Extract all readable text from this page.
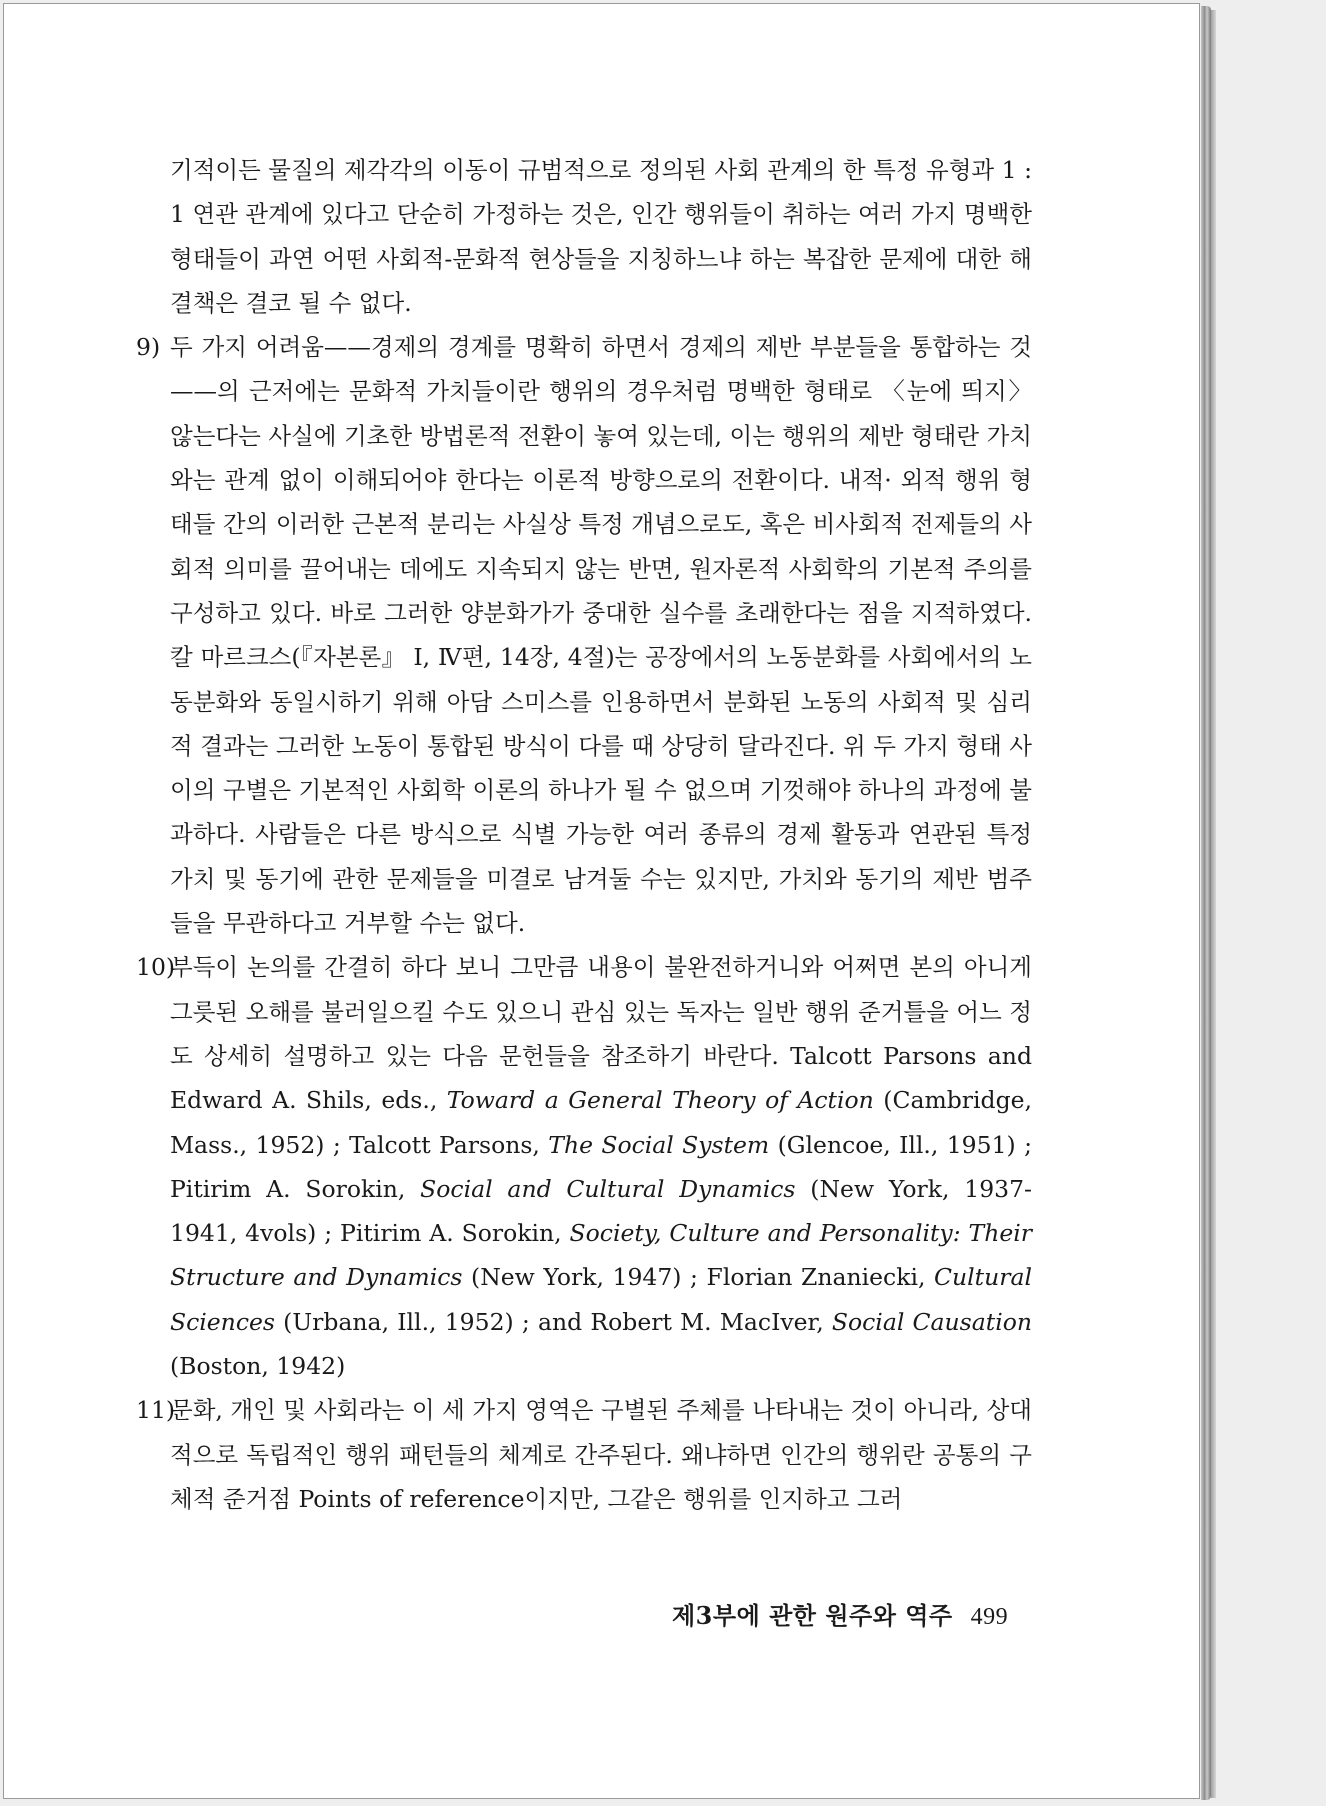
기적이든 물질의 제각각의 이동이 규범적으로 정의된 사회 관계의 한 특정 유형과 1 : 1 연관 관계에 있다고 단순히 가정하는 것은, 인간 행위들이 취하는 여러 가지 명백한 형태들이 과연 어떤 사회적-문화적 현상들을 지칭하느냐 하는 복잡한 문제에 대한 해결책은 결코 될 수 없다.

9) 두 가지 어려움——경제의 경계를 명확히 하면서 경제의 제반 부분들을 통합하는 것——의 근저에는 문화적 가치들이란 행위의 경우처럼 명백한 형태로 〈눈에 띄지〉 않는다는 사실에 기초한 방법론적 전환이 놓여 있는데, 이는 행위의 제반 형태란 가치와는 관계 없이 이해되어야 한다는 이론적 방향으로의 전환이다. 내적· 외적 행위 형태들 간의 이러한 근본적 분리는 사실상 특정 개념으로도, 혹은 비사회적 전제들의 사회적 의미를 끌어내는 데에도 지속되지 않는 반면, 원자론적 사회학의 기본적 주의를 구성하고 있다. 바로 그러한 양분화가가 중대한 실수를 초래한다는 점을 지적하였다. 칼 마르크스(『자본론』 I, Ⅳ편, 14장, 4절)는 공장에서의 노동분화를 사회에서의 노동분화와 동일시하기 위해 아담 스미스를 인용하면서 분화된 노동의 사회적 및 심리적 결과는 그러한 노동이 통합된 방식이 다를 때 상당히 달라진다. 위 두 가지 형태 사이의 구별은 기본적인 사회학 이론의 하나가 될 수 없으며 기껏해야 하나의 과정에 불과하다. 사람들은 다른 방식으로 식별 가능한 여러 종류의 경제 활동과 연관된 특정 가치 및 동기에 관한 문제들을 미결로 남겨둘 수는 있지만, 가치와 동기의 제반 범주들을 무관하다고 거부할 수는 없다.

10)
부득이 논의를 간결히 하다 보니 그만큼 내용이 불완전하거니와 어쩌면 본의 아니게 그릇된 오해를 불러일으킬 수도 있으니 관심 있는 독자는 일반 행위 준거틀을 어느 정도 상세히 설명하고 있는 다음 문헌들을 참조하기 바란다. Talcott Parsons and Edward A. Shils, eds., Toward a General Theory of Action (Cambridge, Mass., 1952) ; Talcott Parsons, The Social System (Glencoe, Ill., 1951) ; Pitirim A. Sorokin, Social and Cultural Dynamics (New York, 1937-1941, 4vols) ; Pitirim A. Sorokin, Society, Culture and Personality: Their Structure and Dynamics (New York, 1947) ; Florian Znaniecki, Cultural Sciences (Urbana, Ill., 1952) ; and Robert M. MacIver, Social Causation (Boston, 1942)

11)
문화, 개인 및 사회라는 이 세 가지 영역은 구별된 주체를 나타내는 것이 아니라, 상대적으로 독립적인 행위 패턴들의 체계로 간주된다. 왜냐하면 인간의 행위란 공통의 구체적 준거점 Points of reference이지만, 그같은 행위를 인지하고 그러

제3부에 관한 원주와 역주 499
